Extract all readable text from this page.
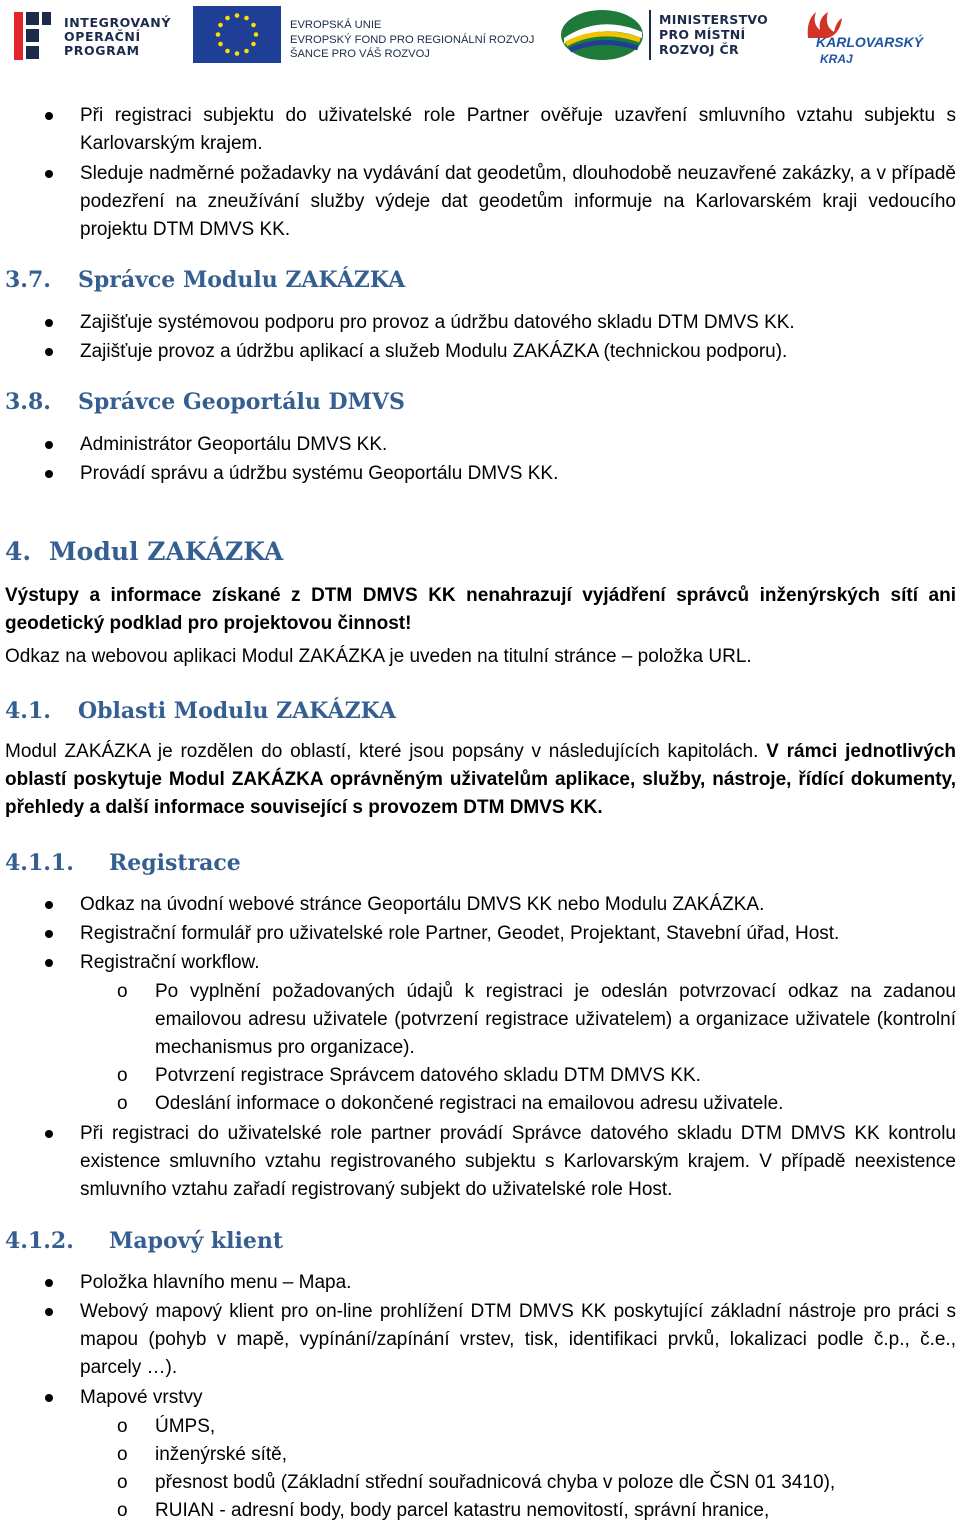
INTEGROVANÝ
OPERAČNÍ
PROGRAM
EVROPSKÁ UNIE
EVROPSKÝ FOND PRO REGIONÁLNÍ ROZVOJ
ŠANCE PRO VÁŠ ROZVOJ
MINISTERSTVO
PRO MÍSTNÍ
ROZVOJ ČR	KARLOVARSKÝ
KRAJ
Při registraci subjektu do uživatelské role Partner ověřuje uzavření smluvního vztahu subjektu s Karlovarským krajem.
Sleduje nadměrné požadavky na vydávání dat geodetům, dlouhodobě neuzavřené zakázky, a v případě podezření na zneužívání služby výdeje dat geodetům informuje na Karlovarském kraji vedoucího projektu DTM DMVS KK.
3.7. Správce Modulu ZAKÁZKA
Zajišťuje systémovou podporu pro provoz a údržbu datového skladu DTM DMVS KK.
Zajišťuje provoz a údržbu aplikací a služeb Modulu ZAKÁZKA (technickou podporu).
3.8. Správce Geoportálu DMVS
Administrátor Geoportálu DMVS KK.
Provádí správu a údržbu systému Geoportálu DMVS KK.
4. Modul ZAKÁZKA
Výstupy a informace získané z DTM DMVS KK nenahrazují vyjádření správců inženýrských sítí ani geodetický podklad pro projektovou činnost!
Odkaz na webovou aplikaci Modul ZAKÁZKA je uveden na titulní stránce – položka URL.
4.1. Oblasti Modulu ZAKÁZKA
Modul ZAKÁZKA je rozdělen do oblastí, které jsou popsány v následujících kapitolách. V rámci jednotlivých oblastí poskytuje Modul ZAKÁZKA oprávněným uživatelům aplikace, služby, nástroje, řídící dokumenty, přehledy a další informace související s provozem DTM DMVS KK.
4.1.1. Registrace
Odkaz na úvodní webové stránce Geoportálu DMVS KK nebo Modulu ZAKÁZKA.
Registrační formulář pro uživatelské role Partner, Geodet, Projektant, Stavební úřad, Host.
Registrační workflow.
o Po vyplnění požadovaných údajů k registraci je odeslán potvrzovací odkaz na zadanou emailovou adresu uživatele (potvrzení registrace uživatelem) a organizace uživatele (kontrolní mechanismus pro organizace).
o Potvrzení registrace Správcem datového skladu DTM DMVS KK.
o Odeslání informace o dokončené registraci na emailovou adresu uživatele.
Při registraci do uživatelské role partner provádí Správce datového skladu DTM DMVS KK kontrolu existence smluvního vztahu registrovaného subjektu s Karlovarským krajem. V případě neexistence smluvního vztahu zařadí registrovaný subjekt do uživatelské role Host.
4.1.2. Mapový klient
Položka hlavního menu – Mapa.
Webový mapový klient pro on-line prohlížení DTM DMVS KK poskytující základní nástroje pro práci s mapou (pohyb v mapě, vypínání/zapínání vrstev, tisk, identifikaci prvků, lokalizaci podle č.p., č.e., parcely …).
Mapové vrstvy
o ÚMPS,
o inženýrské sítě,
o přesnost bodů (Základní střední souřadnicová chyba v poloze dle ČSN 01 3410),
o RUIAN - adresní body, body parcel katastru nemovitostí, správní hranice,
